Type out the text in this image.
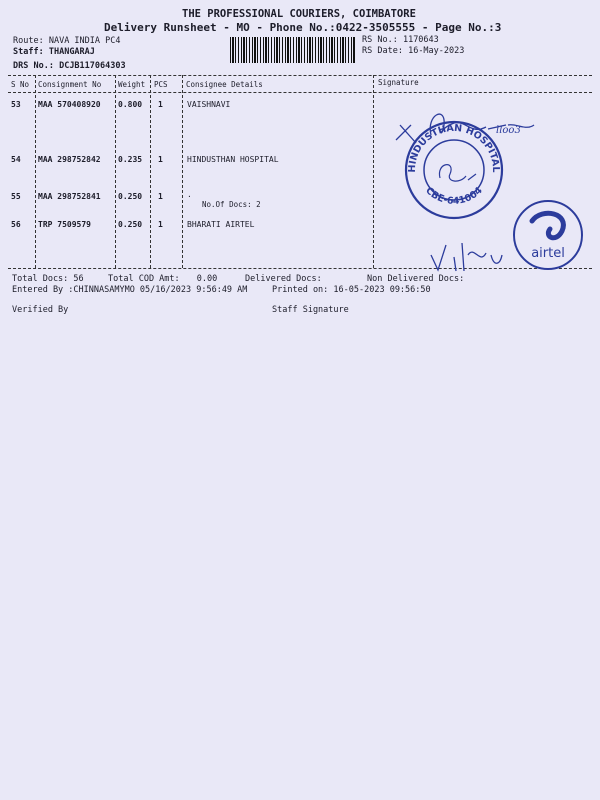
THE PROFESSIONAL COURIERS, COIMBATORE
Delivery Runsheet - MO - Phone No.:0422-3505555 - Page No.:3
Route: NAVA INDIA PC4
Staff: THANGARAJ
DRS No.: DCJB117064303
RS No.: 1170643
RS Date: 16-May-2023
S No Consignment No Weight PCS Consignee Details	Signature
53 MAA 570408920 0.800 1	VAISHNAVI
54 MAA 298752842 0.235 1	HINDUSTHAN HOSPITAL
55 MAA 298752841 0.250 1	.
No.Of Docs: 2
56 TRP 7509579	0.250 1	BHARATI AIRTEL
lloo3
HINDUSTHAN HOSPITAL
CBE-641004
airtel
Total Docs: 56	Total COD Amt: 0.00	Delivered Docs:	Non Delivered Docs:
Entered By :CHINNASAMYMO 05/16/2023 9:56:49 AM	Printed on: 16-05-2023 09:56:50
Verified By	Staff Signature
